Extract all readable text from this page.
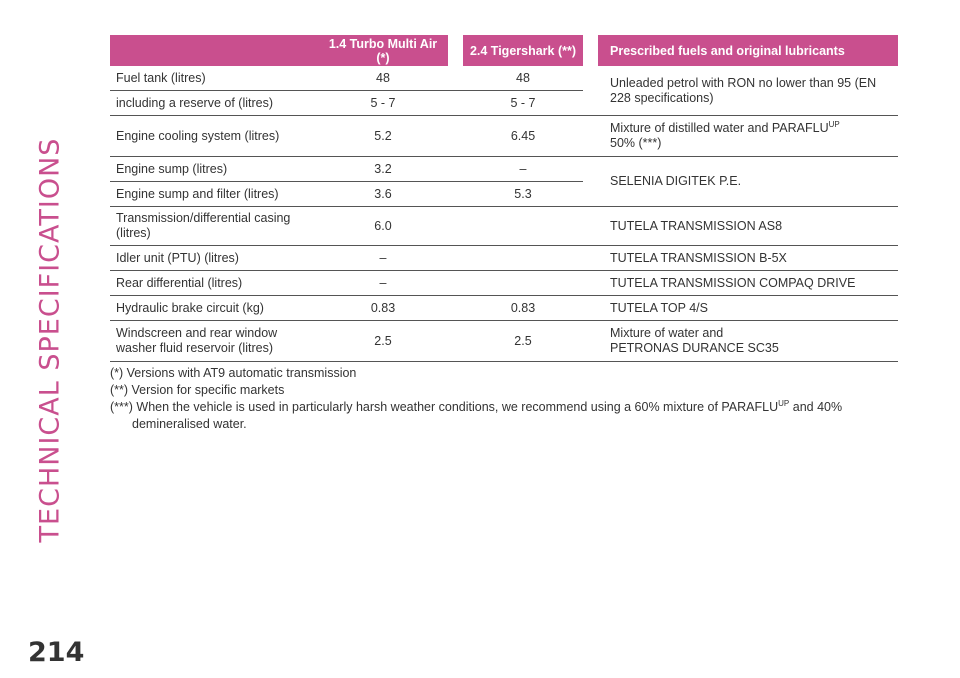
TECHNICAL SPECIFICATIONS
214
	1.4 Turbo Multi Air (*)		2.4 Tigershark (**)		Prescribed fuels and original lubricants
Fuel tank (litres)	48		48		Unleaded petrol with RON no lower than 95 (EN 228 specifications)
including a reserve of (litres)	5 - 7		5 - 7		
Engine cooling system (litres)	5.2		6.45		Mixture of distilled water and $PARAFLU^{UP}$
50% (***)
Engine sump (litres)	3.2		–		SELENIA DIGITEK P.E.
Engine sump and filter (litres)	3.6		5.3		
Transmission/differential casing (litres)	6.0				TUTELA TRANSMISSION AS8
Idler unit (PTU) (litres)	–				TUTELA TRANSMISSION B-5X
Rear differential (litres)	–				TUTELA TRANSMISSION COMPAQ DRIVE
Hydraulic brake circuit (kg)	0.83		0.83		TUTELA TOP 4/S
Windscreen and rear window washer fluid reservoir (litres)	2.5		2.5		Mixture of water and
PETRONAS DURANCE SC35
(*) Versions with AT9 automatic transmission
(**) Version for specific markets
(***) When the vehicle is used in particularly harsh weather conditions, we recommend using a 60% mixture of $PARAFLU^{UP}$ and 40% demineralised water.
